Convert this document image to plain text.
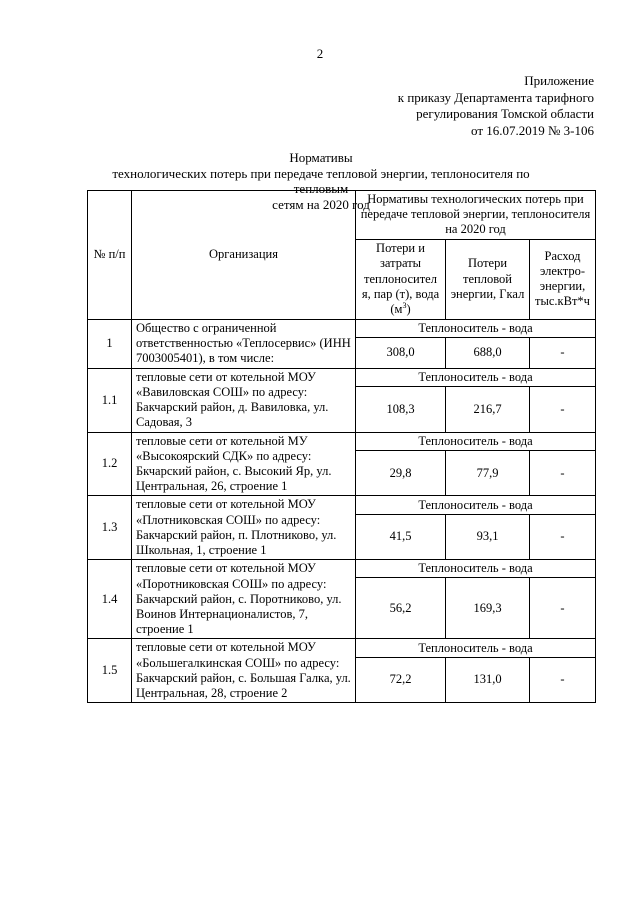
2
Приложение
к приказу Департамента тарифного
регулирования Томской области
от 16.07.2019 № 3-106
Нормативы
технологических потерь при передаче тепловой энергии, теплоносителя по тепловым
сетям на 2020 год
№ п/п	Организация	Нормативы технологических потерь при передаче тепловой энергии, теплоносителя на 2020 год		
		Потери и затраты теплоносител я, пар (т), вода $(м^3)$	Потери тепловой энергии, Гкал	Расход электро-энергии, тыс.кВт*ч
1	Общество с ограниченной ответственностью «Теплосервис» (ИНН 7003005401), в том числе:	Теплоноситель - вода		
		308,0	688,0	-
1.1	тепловые сети от котельной МОУ «Вавиловская СОШ» по адресу: Бакчарский район, д. Вавиловка, ул. Садовая, 3	Теплоноситель - вода		
		108,3	216,7	-
1.2	тепловые сети от котельной МУ «Высокоярский СДК» по адресу: Бкчарский район, с. Высокий Яр, ул. Центральная, 26, строение 1	Теплоноситель - вода		
		29,8	77,9	-
1.3	тепловые сети от котельной МОУ «Плотниковская СОШ» по адресу: Бакчарский район, п. Плотниково, ул. Школьная, 1, строение 1	Теплоноситель - вода		
		41,5	93,1	-
1.4	тепловые сети от котельной МОУ «Поротниковская СОШ» по адресу: Бакчарский район, с. Поротниково, ул. Воинов Интернационалистов, 7, строение 1	Теплоноситель - вода		
		56,2	169,3	-
1.5	тепловые сети от котельной МОУ «Большегалкинская СОШ» по адресу: Бакчарский район, с. Большая Галка, ул. Центральная, 28, строение 2	Теплоноситель - вода		
		72,2	131,0	-
